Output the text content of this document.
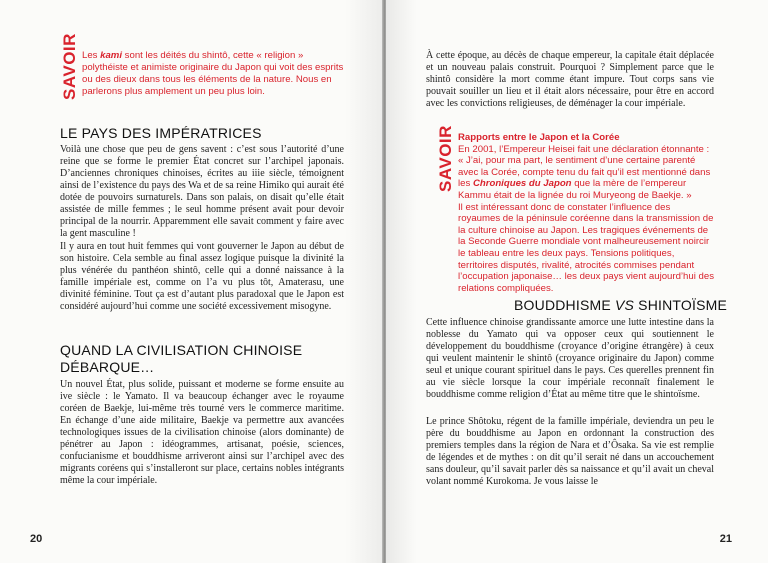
SAVOIR Les kami sont les déités du shintô, cette « religion » polythéiste et animiste originaire du Japon qui voit des esprits ou des dieux dans tous les éléments de la nature. Nous en parlerons plus amplement un peu plus loin.
LE PAYS DES IMPÉRATRICES

Voilà une chose que peu de gens savent : c’est sous l’autorité d’une reine que se forme le premier État concret sur l’archipel japonais. D’anciennes chroniques chinoises, écrites au iiie siècle, témoignent ainsi de l’existence du pays des Wa et de sa reine Himiko qui aurait été dotée de pouvoirs surnaturels. Dans son palais, on disait qu’elle était assistée de mille femmes ; le seul homme présent avait pour devoir principal de la nourrir. Apparemment elle savait comment y faire avec la gent masculine !

Il y aura en tout huit femmes qui vont gouverner le Japon au début de son histoire. Cela semble au final assez logique puisque la divinité la plus vénérée du panthéon shintô, celle qui a donné naissance à la famille impériale est, comme on l’a vu plus tôt, Amaterasu, une divinité féminine. Tout ça est d’autant plus paradoxal que le Japon est considéré aujourd’hui comme une société excessivement misogyne.

QUAND LA CIVILISATION CHINOISE
DÉBARQUE…

Un nouvel État, plus solide, puissant et moderne se forme ensuite au ive siècle : le Yamato. Il va beaucoup échanger avec le royaume coréen de Baekje, lui-même très tourné vers le commerce maritime. En échange d’une aide militaire, Baekje va permettre aux avancées technologiques issues de la civilisation chinoise (alors dominante) de pénétrer au Japon : idéogrammes, artisanat, poésie, sciences, confucianisme et bouddhisme arriveront ainsi sur l’archipel avec des migrants coréens qui s’installeront sur place, certains nobles intégrants même la cour impériale.

20

À cette époque, au décès de chaque empereur, la capitale était déplacée et un nouveau palais construit. Pourquoi ? Simplement parce que le shintô considère la mort comme étant impure. Tout corps sans vie pouvait souiller un lieu et il était alors nécessaire, pour être en accord avec les convictions religieuses, de déménager la cour impériale.

SAVOIR Rapports entre le Japon et la Corée
En 2001, l’Empereur Heisei fait une déclaration étonnante : « J’ai, pour ma part, le sentiment d’une certaine parenté avec la Corée, compte tenu du fait qu’il est mentionné dans les Chroniques du Japon que la mère de l’empereur Kammu était de la lignée du roi Muryeong de Baekje. »
Il est intéressant donc de constater l’influence des royaumes de la péninsule coréenne dans la transmission de la culture chinoise au Japon. Les tragiques événements de la Seconde Guerre mondiale vont malheureusement noircir le tableau entre les deux pays. Tensions politiques, territoires disputés, rivalité, atrocités commises pendant l’occupation japonaise… les deux pays vient aujourd’hui des relations compliquées.
BOUDDHISME VS SHINTOÏSME

Cette influence chinoise grandissante amorce une lutte intestine dans la noblesse du Yamato qui va opposer ceux qui soutiennent le développement du bouddhisme (croyance d’origine étrangère) à ceux qui veulent maintenir le shintô (croyance originaire du Japon) comme seul et unique courant spirituel dans le pays. Ces querelles prennent fin au vie siècle lorsque la cour impériale reconnaît finalement le bouddhisme comme religion d’État au même titre que le shintoïsme.

Le prince Shôtoku, régent de la famille impériale, deviendra un peu le père du bouddhisme au Japon en ordonnant la construction des premiers temples dans la région de Nara et d’Ôsaka. Sa vie est remplie de légendes et de mythes : on dit qu’il serait né dans un accouchement sans douleur, qu’il savait parler dès sa naissance et qu’il avait un cheval volant nommé Kurokoma. Je vous laisse le

21
